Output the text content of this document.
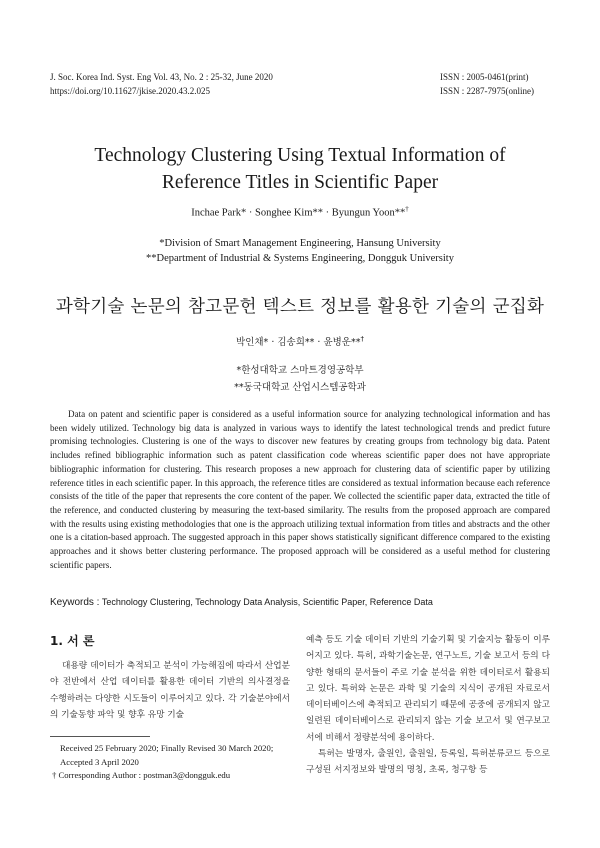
J. Soc. Korea Ind. Syst. Eng Vol. 43, No. 2 : 25-32, June 2020
https://doi.org/10.11627/jkise.2020.43.2.025
ISSN : 2005-0461(print)
ISSN : 2287-7975(online)
Technology Clustering Using Textual Information of
Reference Titles in Scientific Paper
Inchae Park* · Songhee Kim** · Byungun Yoon**†
*Division of Smart Management Engineering, Hansung University
**Department of Industrial & Systems Engineering, Dongguk University
과학기술 논문의 참고문헌 텍스트 정보를 활용한 기술의 군집화
박인채* · 김송희** · 윤병운**†
*한성대학교 스마트경영공학부
**동국대학교 산업시스템공학과
Data on patent and scientific paper is considered as a useful information source for analyzing technological information and has been widely utilized. Technology big data is analyzed in various ways to identify the latest technological trends and predict future promising technologies. Clustering is one of the ways to discover new features by creating groups from technology big data. Patent includes refined bibliographic information such as patent classification code whereas scientific paper does not have appropriate bibliographic information for clustering. This research proposes a new approach for clustering data of scientific paper by utilizing reference titles in each scientific paper. In this approach, the reference titles are considered as textual information because each reference consists of the title of the paper that represents the core content of the paper. We collected the scientific paper data, extracted the title of the reference, and conducted clustering by measuring the text-based similarity. The results from the proposed approach are compared with the results using existing methodologies that one is the approach utilizing textual information from titles and abstracts and the other one is a citation-based approach. The suggested approach in this paper shows statistically significant difference compared to the existing approaches and it shows better clustering performance. The proposed approach will be considered as a useful method for clustering scientific papers.
Keywords : Technology Clustering, Technology Data Analysis, Scientific Paper, Reference Data
1. 서 론
대용량 데이터가 축적되고 분석이 가능해짐에 따라서 산업분야 전반에서 산업 데이터를 활용한 데이터 기반의 의사결정을 수행하려는 다양한 시도들이 이루어지고 있다. 각 기술분야에서의 기술동향 파악 및 향후 유망 기술

예측 등도 기술 데이터 기반의 기술기획 및 기술지능 활동이 이루어지고 있다. 특히, 과학기술논문, 연구노트, 기술 보고서 등의 다양한 형태의 문서들이 주로 기술 분석을 위한 데이터로서 활용되고 있다. 특허와 논문은 과학 및 기술의 지식이 공개된 자료로서 데이터베이스에 축적되고 관리되기 때문에 공중에 공개되지 않고 일련된 데이터베이스로 관리되지 않는 기술 보고서 및 연구보고서에 비해서 정량분석에 용이하다.

특허는 발명자, 출원인, 출원일, 등록일, 특허분류코드 등으로 구성된 서지정보와 발명의 명칭, 초록, 청구항 등

Received 25 February 2020; Finally Revised 30 March 2020;
Accepted 3 April 2020
† Corresponding Author : postman3@dongguk.edu
